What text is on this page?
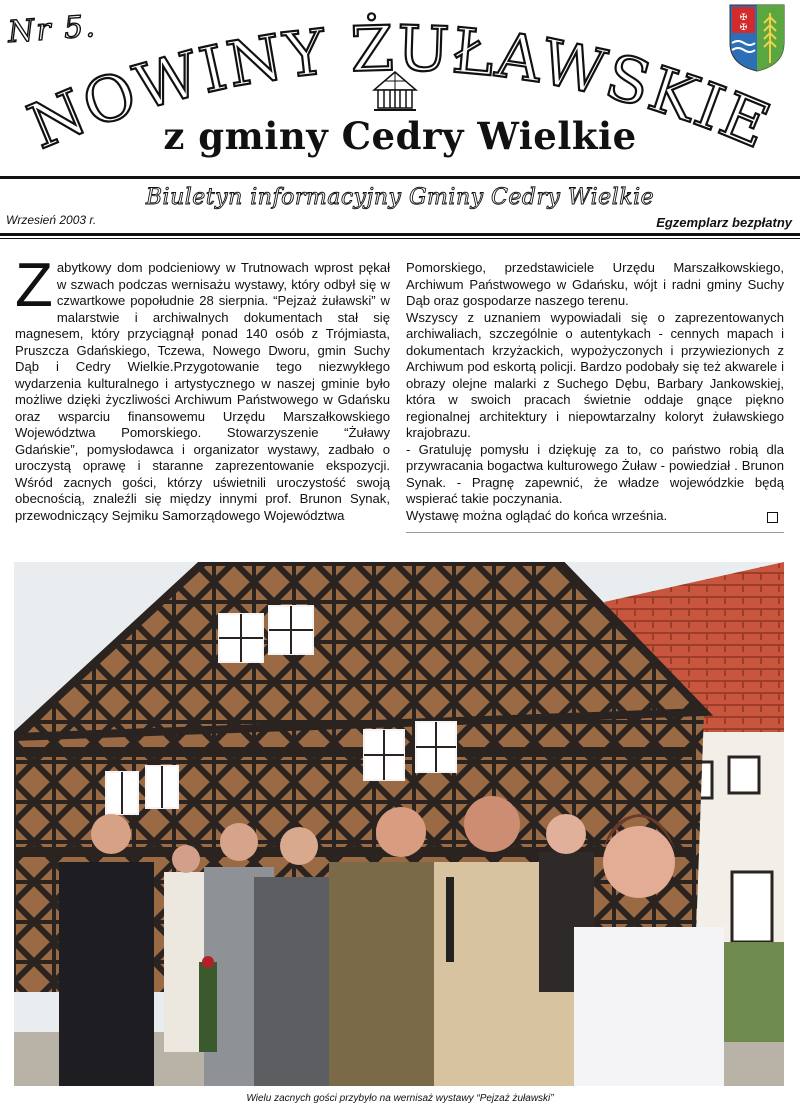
Nr 5.
NOWINY ŻUŁAWSKIE
z gminy Cedry Wielkie
✠
✠
Biuletyn informacyjny Gminy Cedry Wielkie
Wrzesień 2003 r.	Egzemplarz bezpłatny
Zabytkowy dom podcieniowy w Trutnowach wprost pękał w szwach podczas wernisażu wystawy, który odbył się w czwartkowe popołudnie 28 sierpnia. “Pejzaż żuławski” w malarstwie i archiwalnych dokumentach stał się magnesem, który przyciągnął ponad 140 osób z Trójmiasta, Pruszcza Gdańskiego, Tczewa, Nowego Dworu, gmin Suchy Dąb i Cedry Wielkie.Przygotowanie tego niezwykłego wydarzenia kulturalnego i artystycznego w naszej gminie było możliwe dzięki życzliwości Archiwum Państwowego w Gdańsku oraz wsparciu finansowemu Urzędu Marszałkowskiego Województwa Pomorskiego. Stowarzyszenie “Żuławy Gdańskie”, pomysłodawca i organizator wystawy, zadbało o uroczystą oprawę i staranne zaprezentowanie ekspozycji. Wśród zacnych gości, którzy uświetnili uroczystość swoją obecnością, znaleźli się między innymi prof. Brunon Synak, przewodniczący Sejmiku Samorządowego Województwa
Pomorskiego, przedstawiciele Urzędu Marszałkowskiego, Archiwum Państwowego w Gdańsku, wójt i radni gminy Suchy Dąb oraz gospodarze naszego terenu.
Wszyscy z uznaniem wypowiadali się o zaprezentowanych archiwaliach, szczególnie o autentykach - cennych mapach i dokumentach krzyżackich, wypożyczonych i przywiezionych z Archiwum pod eskortą policji. Bardzo podobały się też akwarele i obrazy olejne malarki z Suchego Dębu, Barbary Jankowskiej, która w swoich pracach świetnie oddaje gnące piękno regionalnej architektury i niepowtarzalny koloryt żuławskiego krajobrazu.
- Gratuluję pomysłu i dziękuję za to, co państwo robią dla przywracania bogactwa kulturowego Żuław - powiedział . Brunon Synak. - Pragnę zapewnić, że władze wojewódzkie będą wspierać takie poczynania.
Wystawę można oglądać do końca września.
Wielu zacnych gości przybyło na wernisaż wystawy “Pejzaż żuławski”
